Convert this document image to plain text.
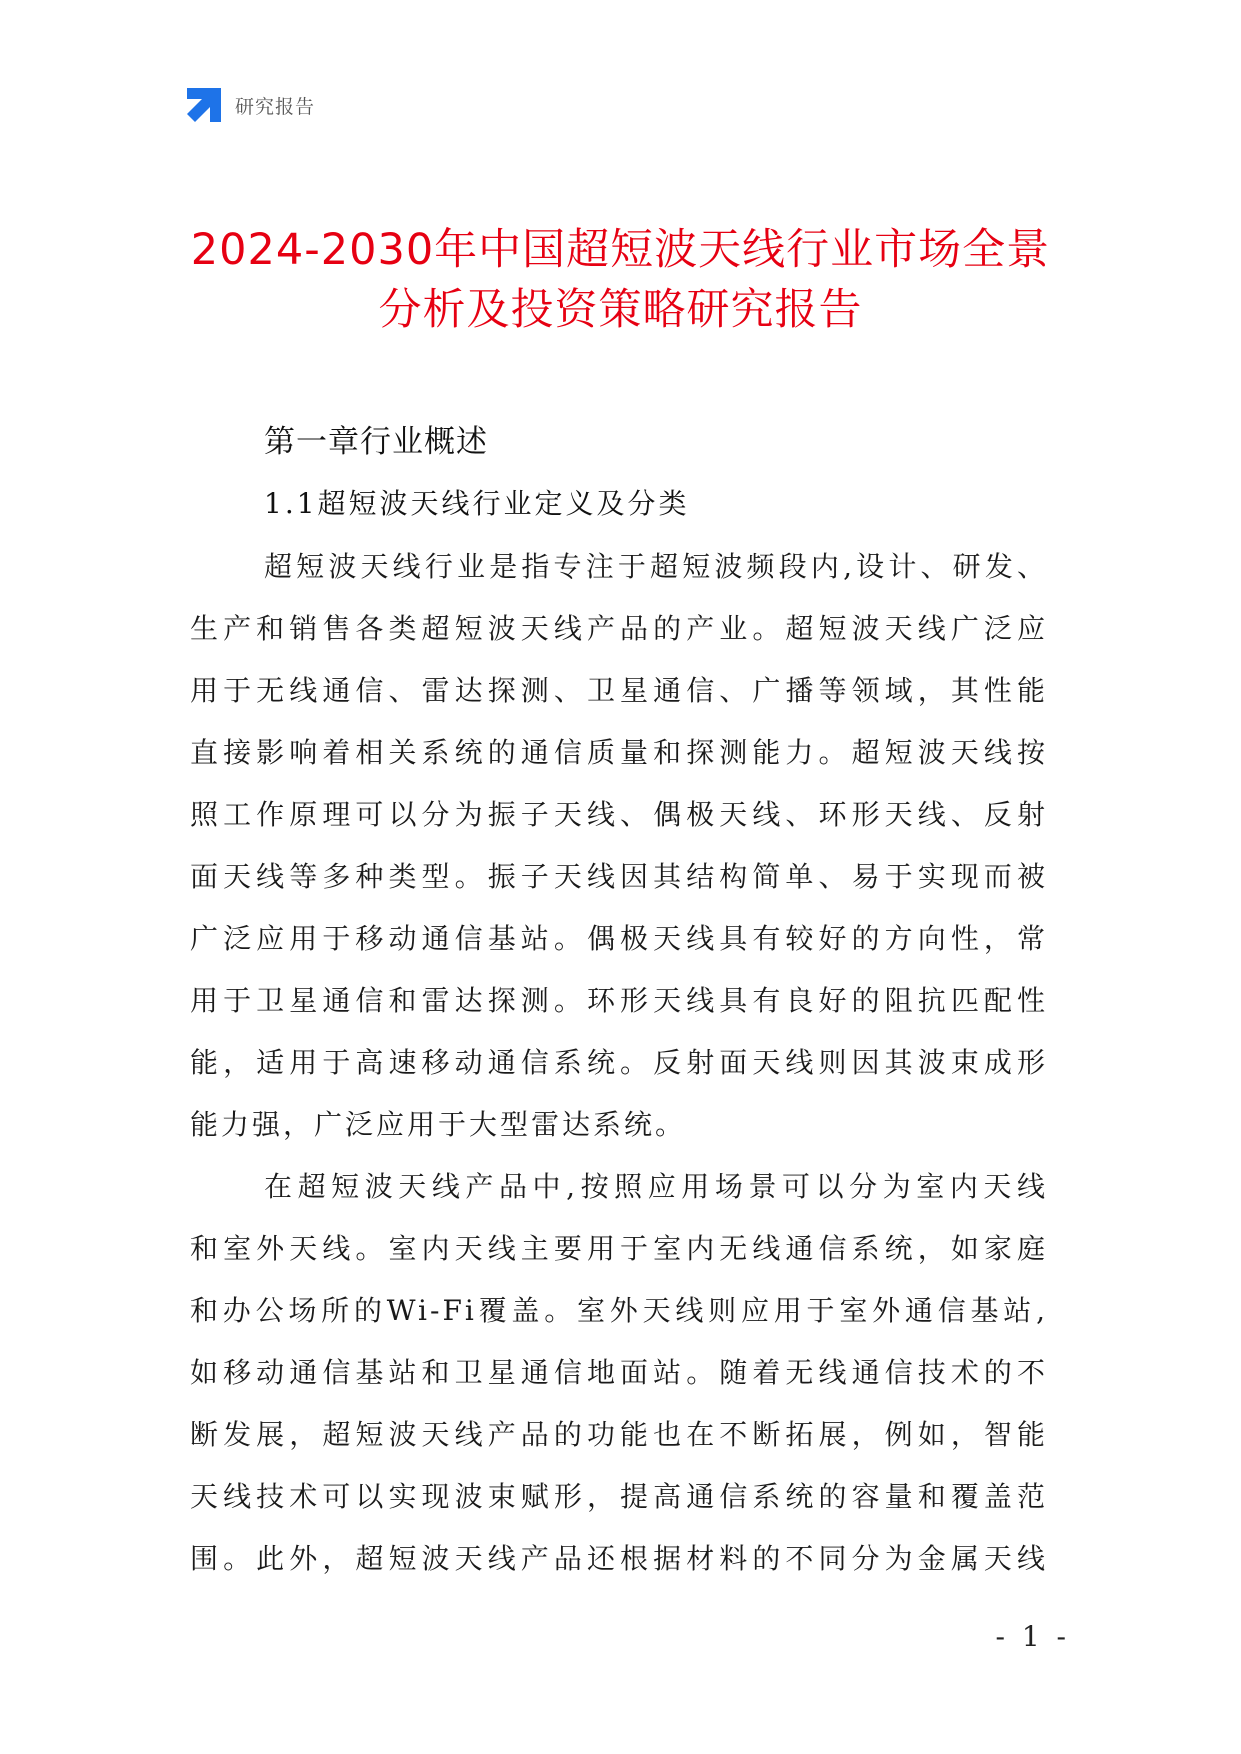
研究报告
2024-2030年中国超短波天线行业市场全景
分析及投资策略研究报告
第一章行业概述
1.1超短波天线行业定义及分类

超短波天线行业是指专注于超短波频段内,设计、研发、
生产和销售各类超短波天线产品的产业。超短波天线广泛应
用于无线通信、雷达探测、卫星通信、广播等领域，其性能
直接影响着相关系统的通信质量和探测能力。超短波天线按
照工作原理可以分为振子天线、偶极天线、环形天线、反射
面天线等多种类型。振子天线因其结构简单、易于实现而被
广泛应用于移动通信基站。偶极天线具有较好的方向性，常
用于卫星通信和雷达探测。环形天线具有良好的阻抗匹配性
能，适用于高速移动通信系统。反射面天线则因其波束成形
能力强，广泛应用于大型雷达系统。

在超短波天线产品中,按照应用场景可以分为室内天线
和室外天线。室内天线主要用于室内无线通信系统，如家庭
和办公场所的Wi-Fi覆盖。室外天线则应用于室外通信基站,
如移动通信基站和卫星通信地面站。随着无线通信技术的不
断发展，超短波天线产品的功能也在不断拓展，例如，智能
天线技术可以实现波束赋形，提高通信系统的容量和覆盖范
围。此外，超短波天线产品还根据材料的不同分为金属天线

- 1 -
